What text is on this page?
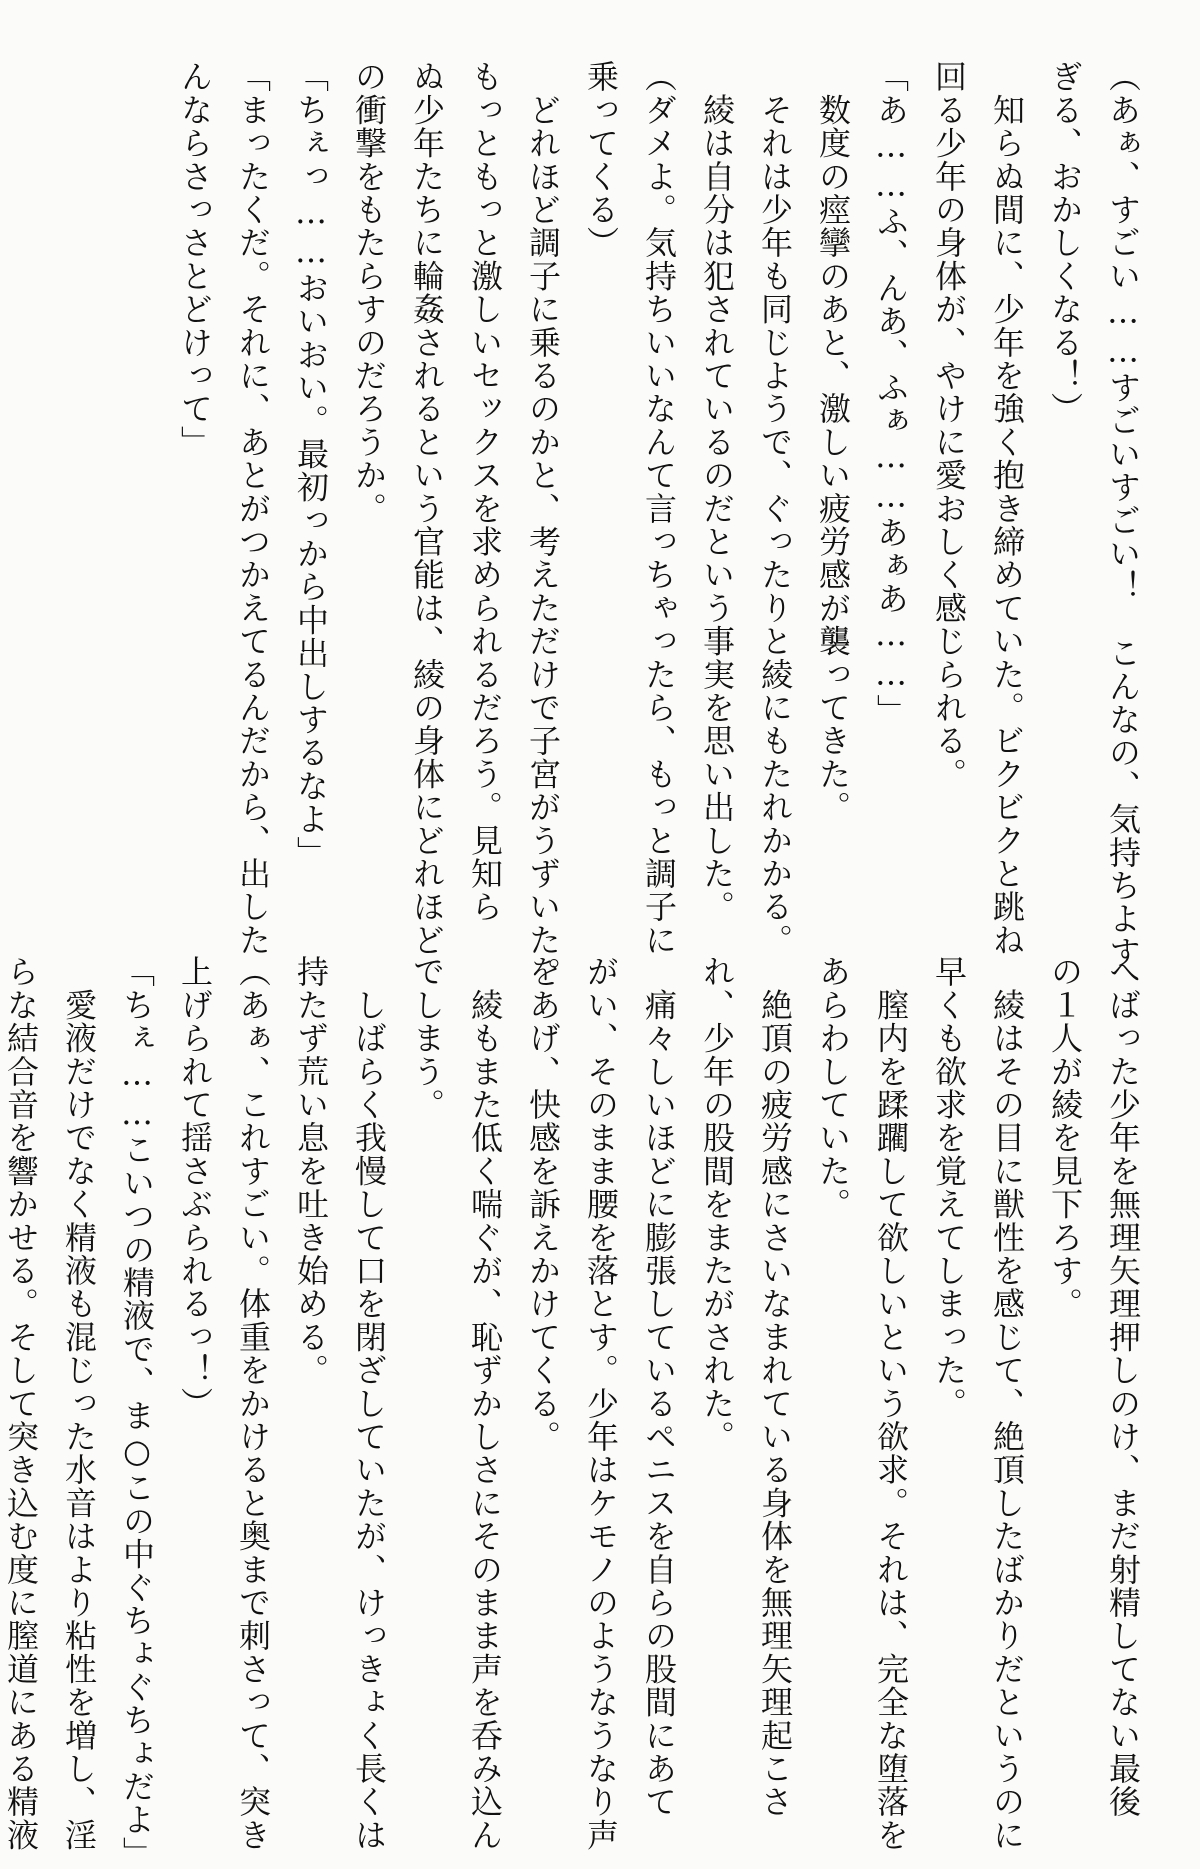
（あぁ、すごい……すごいすごい！　こんなの、気持ちよす
ぎる、おかしくなる！）
　知らぬ間に、少年を強く抱き締めていた。ビクビクと跳ね
回る少年の身体が、やけに愛おしく感じられる。
「あ……ふ、んあ、ふぁ……あぁあ……」
　数度の痙攣のあと、激しい疲労感が襲ってきた。
　それは少年も同じようで、ぐったりと綾にもたれかかる。
　綾は自分は犯されているのだという事実を思い出した。
（ダメよ。気持ちいいなんて言っちゃったら、もっと調子に
乗ってくる）
　どれほど調子に乗るのかと、考えただけで子宮がうずいた。
もっともっと激しいセックスを求められるだろう。見知ら
ぬ少年たちに輪姦されるという官能は、綾の身体にどれほど
の衝撃をもたらすのだろうか。
「ちぇっ……おいおい。最初っから中出しするなよ」
「まったくだ。それに、あとがつかえてるんだから、出した
んならさっさとどけって」
へばった少年を無理矢理押しのけ、まだ射精してない最後
の１人が綾を見下ろす。
　綾はその目に獣性を感じて、絶頂したばかりだというのに
早くも欲求を覚えてしまった。
　膣内を蹂躙して欲しいという欲求。それは、完全な堕落を
あらわしていた。
　絶頂の疲労感にさいなまれている身体を無理矢理起こさ
れ、少年の股間をまたがされた。
　痛々しいほどに膨張しているペニスを自らの股間にあて
がい、そのまま腰を落とす。少年はケモノのようなうなり声
をあげ、快感を訴えかけてくる。
　綾もまた低く喘ぐが、恥ずかしさにそのまま声を呑み込ん
でしまう。
　しばらく我慢して口を閉ざしていたが、けっきょく長くは
持たず荒い息を吐き始める。
（あぁ、これすごい。体重をかけると奥まで刺さって、突き
上げられて揺さぶられるっ！）
「ちぇ……こいつの精液で、ま○この中ぐちょぐちょだよ」
　愛液だけでなく精液も混じった水音はより粘性を増し、淫
らな結合音を響かせる。そして突き込む度に膣道にある精液
